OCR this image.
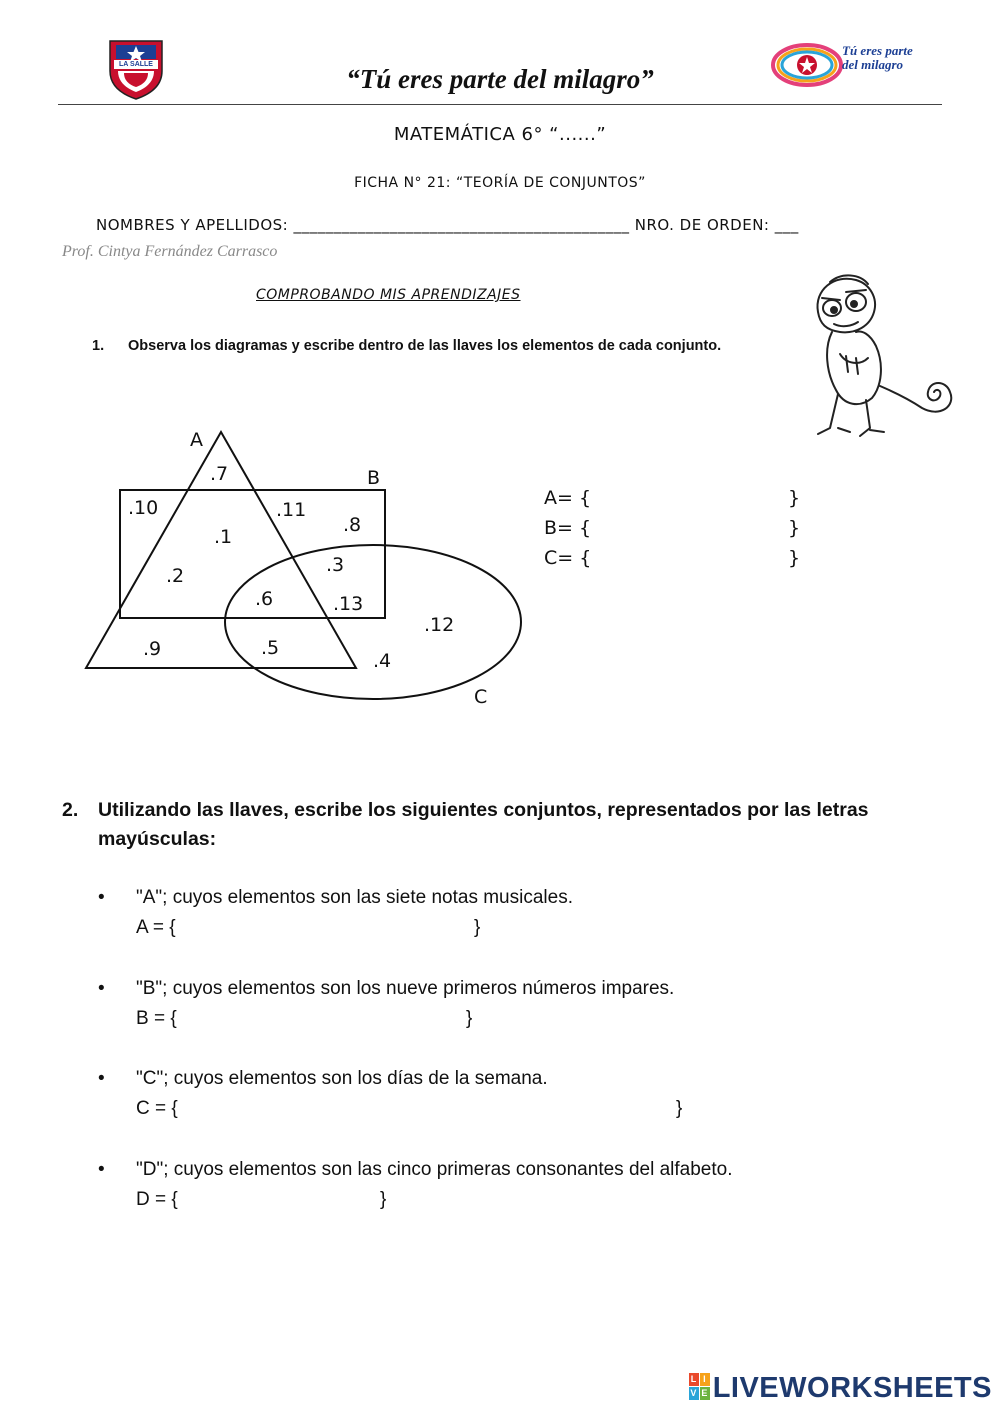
LA SALLE	“Tú eres parte del milagro”
Tú eres parte del milagro
MATEMÁTICA 6° “......”
FICHA N° 21: “TEORÍA DE CONJUNTOS”
NOMBRES Y APELLIDOS: __________________________________________ NRO. DE ORDEN: ___
Prof. Cintya Fernández Carrasco
COMPROBANDO MIS APRENDIZAJES
1. Observa los diagramas y escribe dentro de las llaves los elementos de cada conjunto.
A
B
C
.7
.10	.11
.8
.1
.3
.2
.6	.13
.12
.9	.5
.4
A= {	}
B= {	}
C= {	}
2. Utilizando las llaves, escribe los siguientes conjuntos, representados por las letras mayúsculas:
• "A"; cuyos elementos son las siete notas musicales.
A = {	}
• "B"; cuyos elementos son los nueve primeros números impares.
B = {	}
• "C"; cuyos elementos son los días de la semana.
C = {	}
• "D"; cuyos elementos son las cinco primeras consonantes del alfabeto.
D = {	}
L I
V E LIVEWORKSHEETS
